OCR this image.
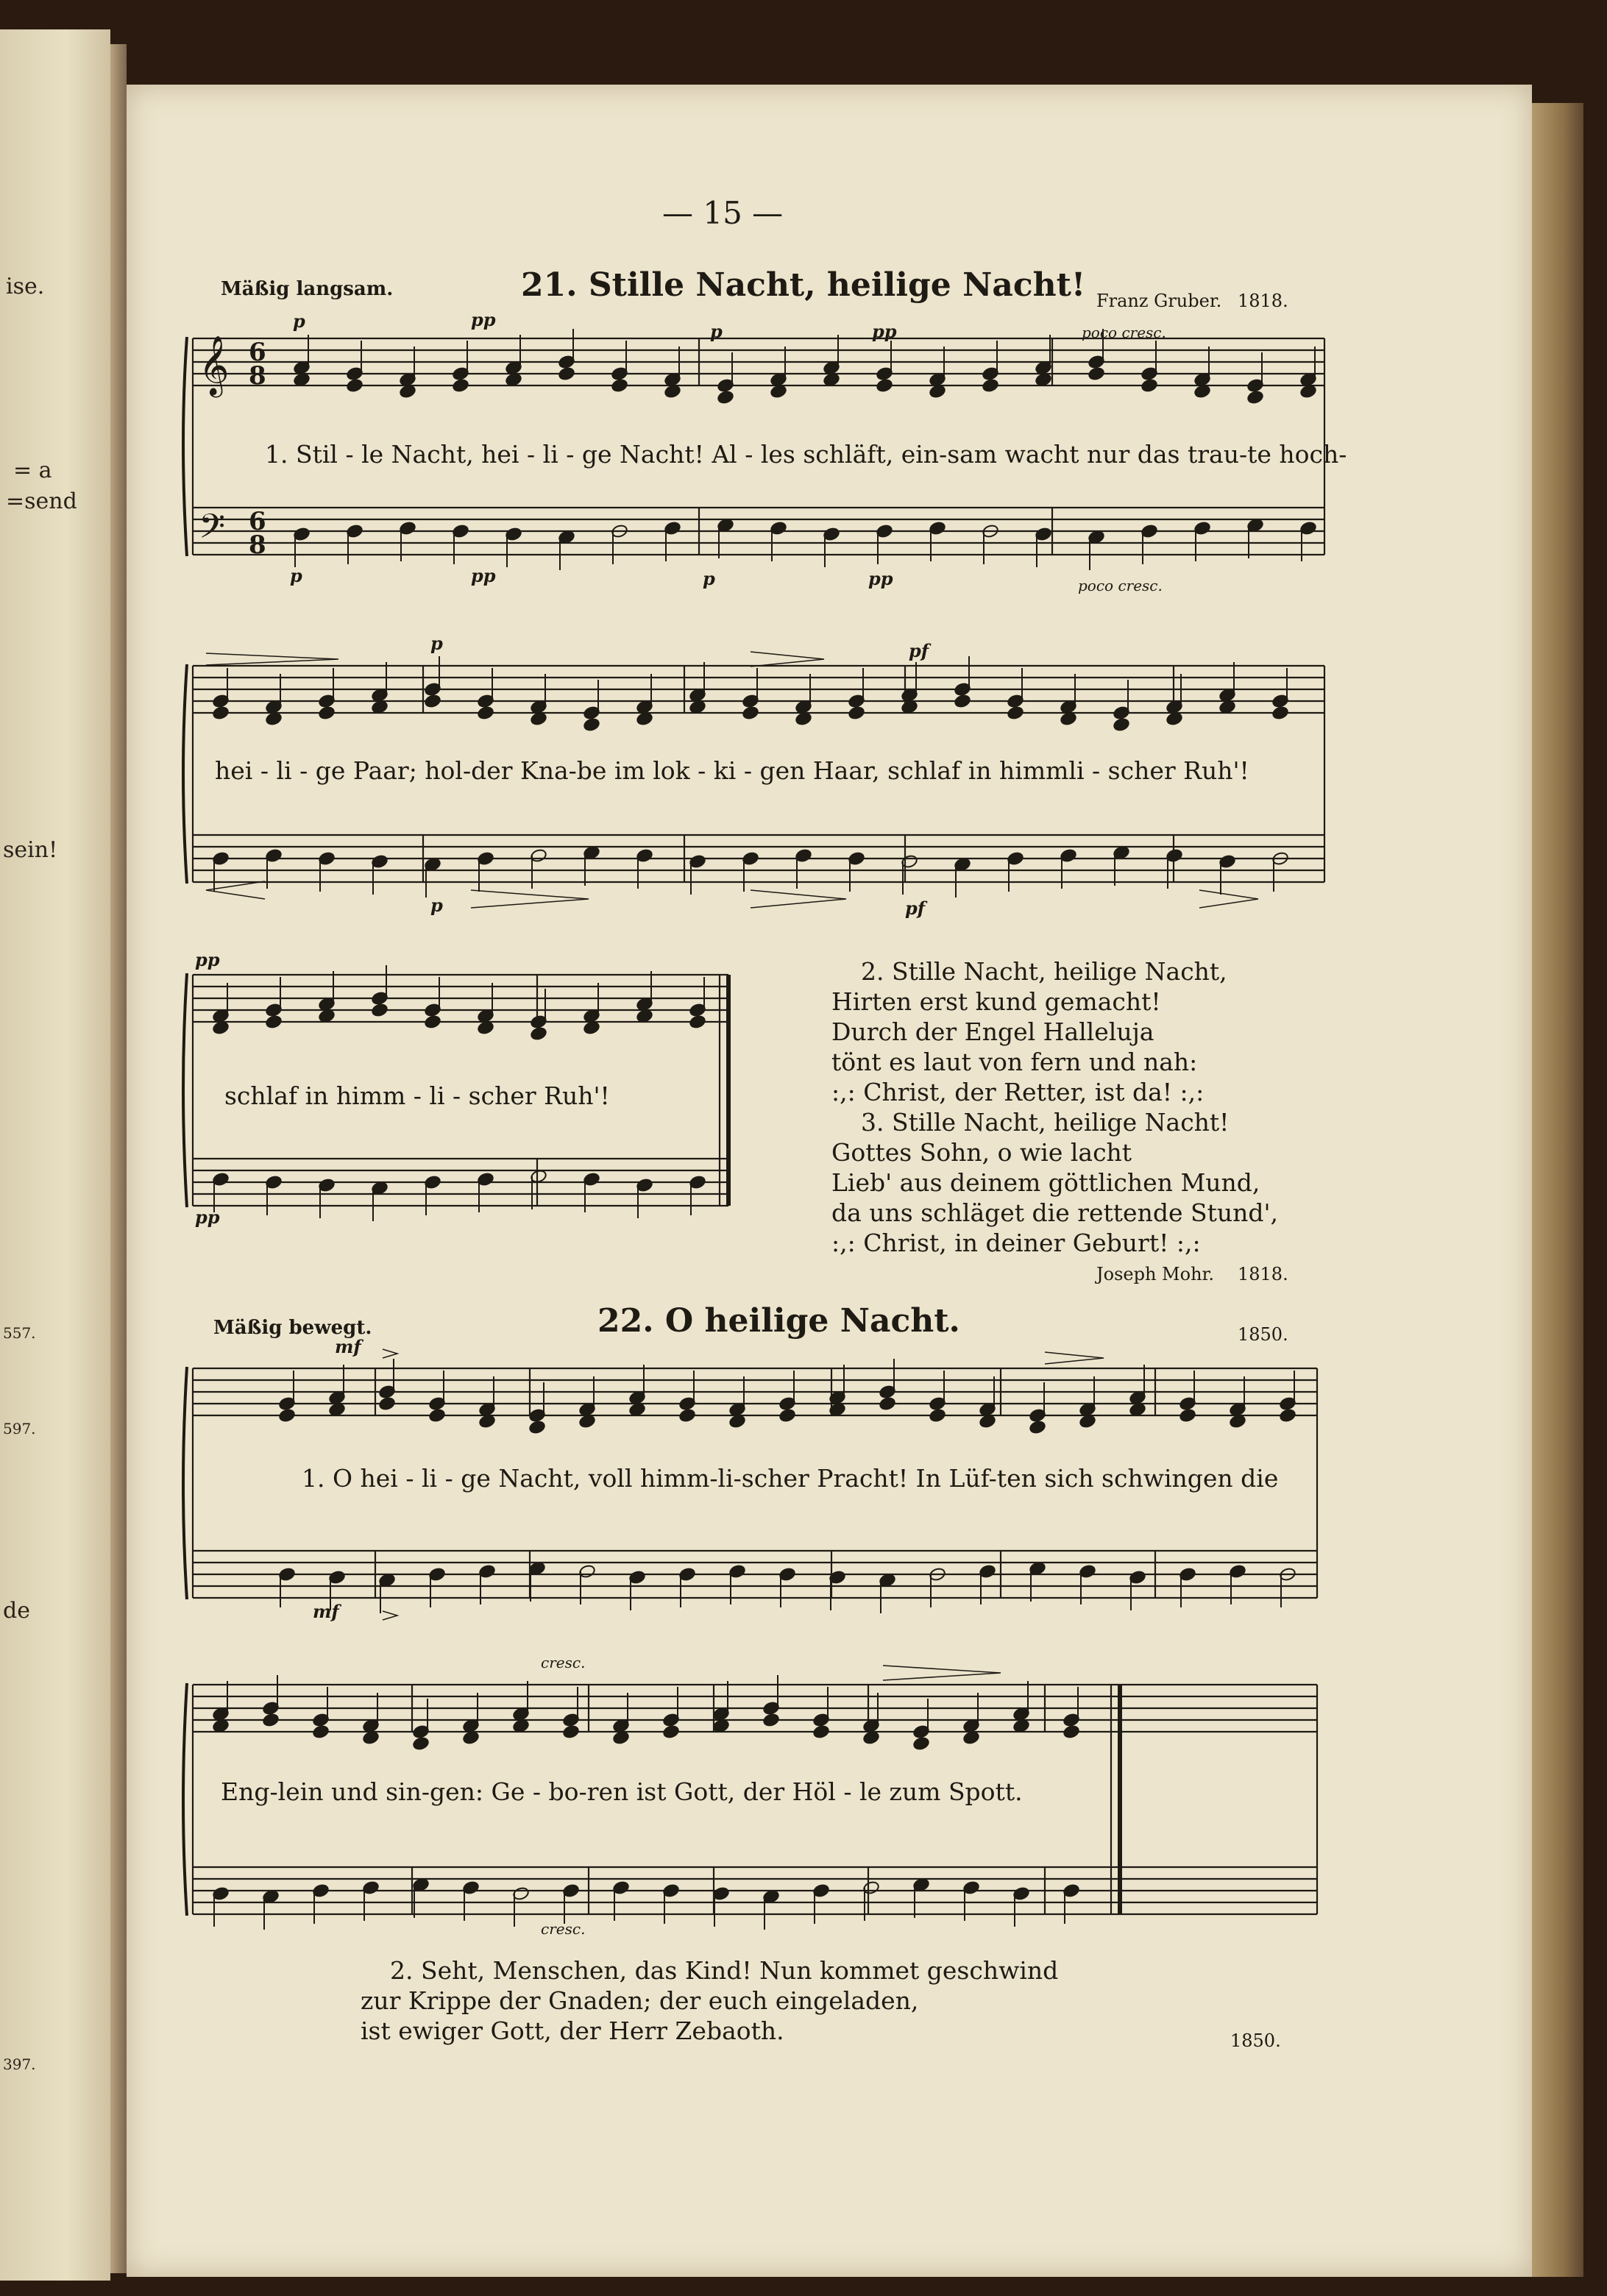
ise.
= a
=send
sein!
de
557.
597.
397.
— 15 —
Mäßig langsam.	21. Stille Nacht, heilige Nacht! Franz Gruber. 1818.
p	pp
p	pp	poco cresc.
p	pp	p	pp	poco cresc.
𝄞
𝄢
6
8
6
8
1. Stil - le Nacht, hei - li - ge Nacht! Al - les schläft, ein-sam wacht nur das trau-te hoch-
p	pf
p	pf
hei - li - ge Paar; hol-der Kna-be im lok - ki - gen Haar, schlaf in himmli - scher Ruh'!
pp
pp
schlaf in himm - li - scher Ruh'!
2. Stille Nacht, heilige Nacht,
Hirten erst kund gemacht!
Durch der Engel Halleluja
tönt es laut von fern und nah:
:,: Christ, der Retter, ist da! :,:
3. Stille Nacht, heilige Nacht!
Gottes Sohn, o wie lacht
Lieb' aus deinem göttlichen Mund,
da uns schläget die rettende Stund',
:,: Christ, in deiner Geburt! :,:
Joseph Mohr. 1818.
Mäßig bewegt.	22. O heilige Nacht.	1850.
mf
mf
1. O hei - li - ge Nacht, voll himm-li-scher Pracht! In Lüf-ten sich schwingen die
cresc.
cresc.
Eng-lein und sin-gen: Ge - bo-ren ist Gott, der Höl - le zum Spott.
2. Seht, Menschen, das Kind! Nun kommet geschwind
zur Krippe der Gnaden; der euch eingeladen,
ist ewiger Gott, der Herr Zebaoth.	1850.
